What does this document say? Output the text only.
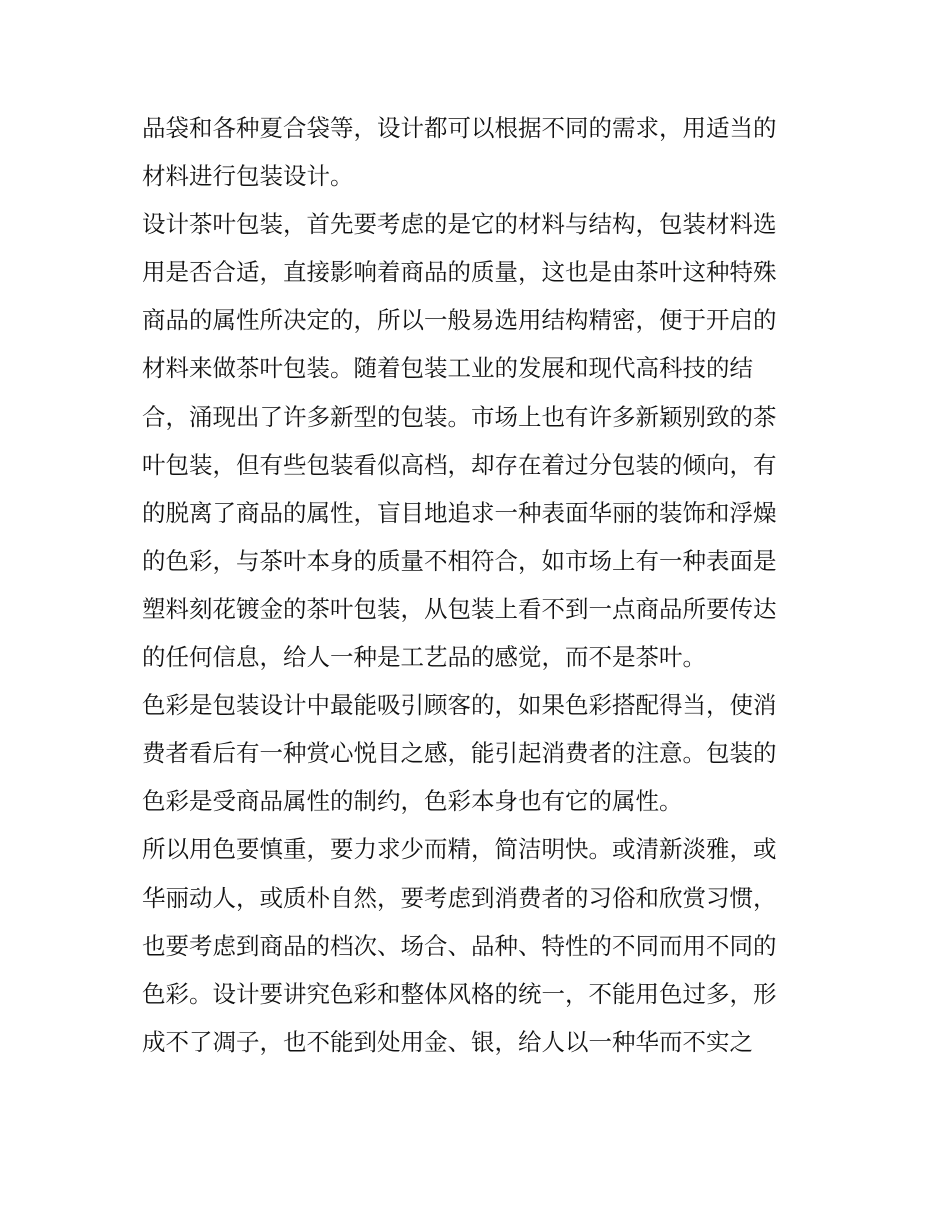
品袋和各种夏合袋等，设计都可以根据不同的需求，用适当的
材料进行包装设计。
设计茶叶包装，首先要考虑的是它的材料与结构，包装材料选
用是否合适，直接影响着商品的质量，这也是由茶叶这种特殊
商品的属性所决定的，所以一般易选用结构精密，便于开启的
材料来做茶叶包装。随着包装工业的发展和现代高科技的结
合，涌现出了许多新型的包装。市场上也有许多新颖别致的茶
叶包装，但有些包装看似高档，却存在着过分包装的倾向，有
的脱离了商品的属性，盲目地追求一种表面华丽的装饰和浮燥
的色彩，与茶叶本身的质量不相符合，如市场上有一种表面是
塑料刻花镀金的茶叶包装，从包装上看不到一点商品所要传达
的任何信息，给人一种是工艺品的感觉，而不是茶叶。
色彩是包装设计中最能吸引顾客的，如果色彩搭配得当，使消
费者看后有一种赏心悦目之感，能引起消费者的注意。包装的
色彩是受商品属性的制约，色彩本身也有它的属性。
所以用色要慎重，要力求少而精，简洁明快。或清新淡雅，或
华丽动人，或质朴自然，要考虑到消费者的习俗和欣赏习惯，
也要考虑到商品的档次、场合、品种、特性的不同而用不同的
色彩。设计要讲究色彩和整体风格的统一，不能用色过多，形
成不了凋子，也不能到处用金、银，给人以一种华而不实之
